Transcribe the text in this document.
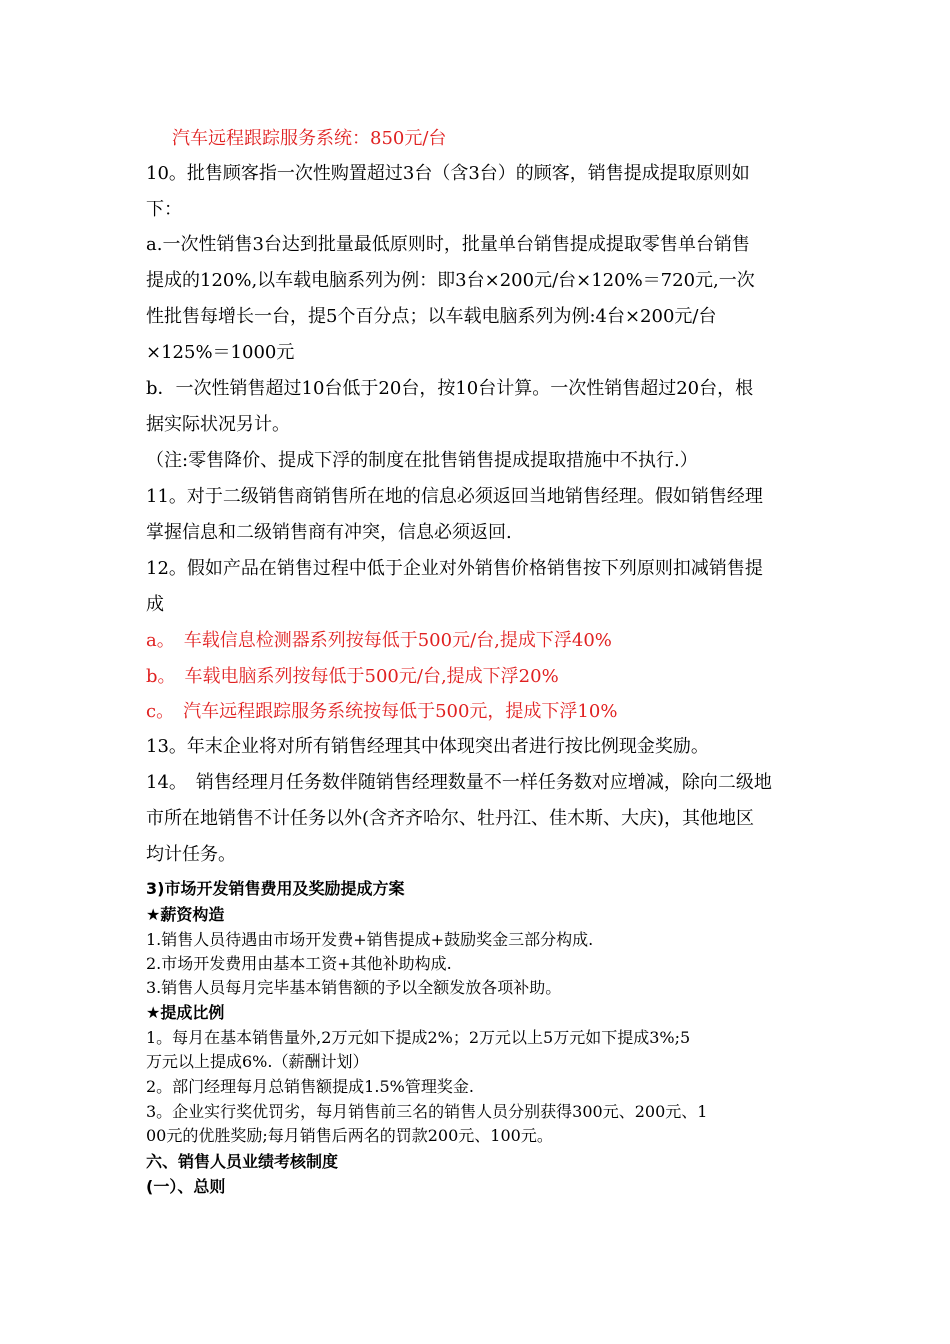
汽车远程跟踪服务系统：850元/台
10。批售顾客指一次性购置超过3台（含3台）的顾客，销售提成提取原则如
下：
a.一次性销售3台达到批量最低原则时，批量单台销售提成提取零售单台销售
提成的120%,以车载电脑系列为例：即3台×200元/台×120%＝720元,一次
性批售每增长一台，提5个百分点；以车载电脑系列为例:4台×200元/台
×125%＝1000元
b．一次性销售超过10台低于20台，按10台计算。一次性销售超过20台，根
据实际状况另计。
（注:零售降价、提成下浮的制度在批售销售提成提取措施中不执行.）
11。对于二级销售商销售所在地的信息必须返回当地销售经理。假如销售经理
掌握信息和二级销售商有冲突，信息必须返回.
12。假如产品在销售过程中低于企业对外销售价格销售按下列原则扣减销售提
成
a。　车载信息检测器系列按每低于500元/台,提成下浮40%
b。　车载电脑系列按每低于500元/台,提成下浮20%
c。　汽车远程跟踪服务系统按每低于500元，提成下浮10%
13。年末企业将对所有销售经理其中体现突出者进行按比例现金奖励。
14。　销售经理月任务数伴随销售经理数量不一样任务数对应增减，除向二级地
市所在地销售不计任务以外(含齐齐哈尔、牡丹江、佳木斯、大庆)，其他地区
均计任务。
3)市场开发销售费用及奖励提成方案
★薪资构造
1.销售人员待遇由市场开发费+销售提成+鼓励奖金三部分构成.
2.市场开发费用由基本工资+其他补助构成.
3.销售人员每月完毕基本销售额的予以全额发放各项补助。
★提成比例
1。每月在基本销售量外,2万元如下提成2%；2万元以上5万元如下提成3%;5
万元以上提成6%.（薪酬计划）
2。部门经理每月总销售额提成1.5%管理奖金.
3。企业实行奖优罚劣，每月销售前三名的销售人员分别获得300元、200元、1
00元的优胜奖励;每月销售后两名的罚款200元、100元。
六、销售人员业绩考核制度
(一）、总则
